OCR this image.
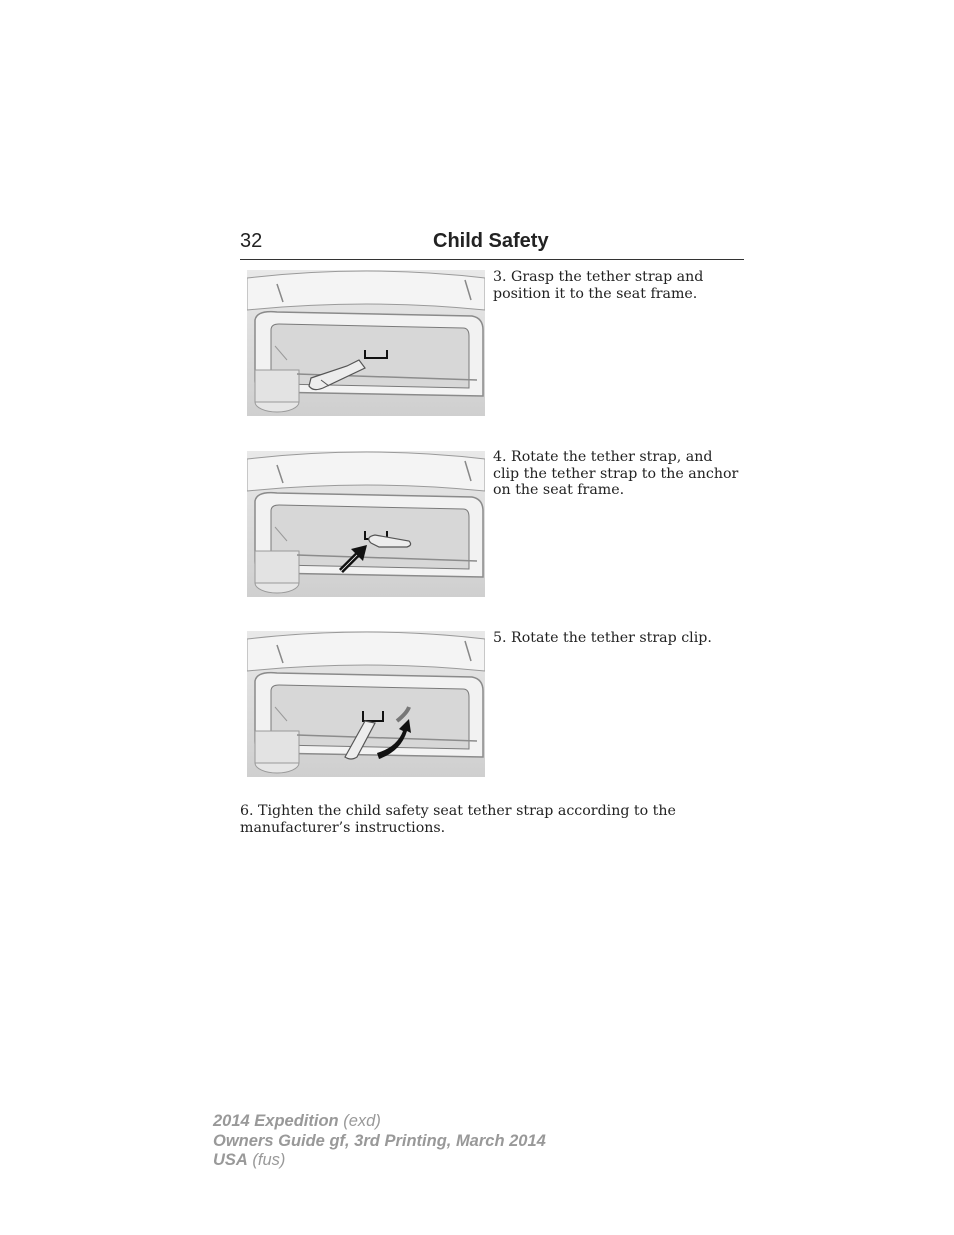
32	Child Safety
3. Grasp the tether strap and position it to the seat frame.
4. Rotate the tether strap, and clip the tether strap to the anchor on the seat frame.
5. Rotate the tether strap clip.
6. Tighten the child safety seat tether strap according to the manufacturer’s instructions.
2014 Expedition (exd)
Owners Guide gf, 3rd Printing, March 2014
USA (fus)
